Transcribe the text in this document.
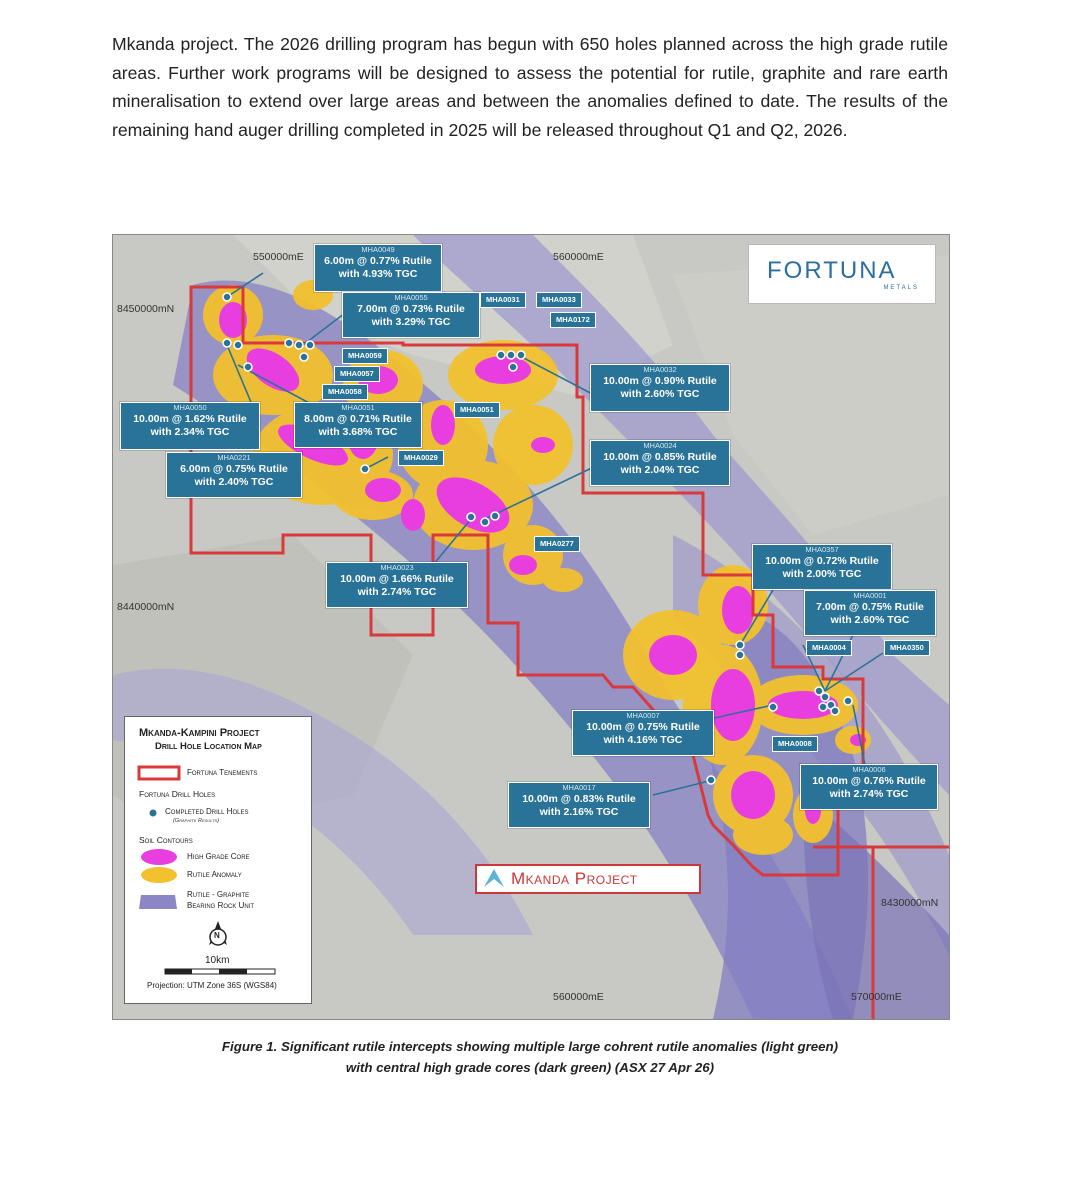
Mkanda project. The 2026 drilling program has begun with 650 holes planned across the high grade rutile areas. Further work programs will be designed to assess the potential for rutile, graphite and rare earth mineralisation to extend over large areas and between the anomalies defined to date. The results of the remaining hand auger drilling completed in 2025 will be released throughout Q1 and Q2, 2026.
550000mE	560000mE
560000mE	570000mE
8450000mN
8440000mN
8430000mN
FORTUNA
METALS
MHA0049
6.00m @ 0.77% Rutile
with 4.93% TGC
MHA0055
7.00m @ 0.73% Rutile
with 3.29% TGC
MHA0050
10.00m @ 1.62% Rutile
with 2.34% TGC
MHA0051
8.00m @ 0.71% Rutile
with 3.68% TGC
MHA0221
6.00m @ 0.75% Rutile
with 2.40% TGC
MHA0032
10.00m @ 0.90% Rutile
with 2.60% TGC
MHA0024
10.00m @ 0.85% Rutile
with 2.04% TGC
MHA0023
10.00m @ 1.66% Rutile
with 2.74% TGC
MHA0357
10.00m @ 0.72% Rutile
with 2.00% TGC
MHA0001
7.00m @ 0.75% Rutile
with 2.60% TGC
MHA0007
10.00m @ 0.75% Rutile
with 4.16% TGC
MHA0017
10.00m @ 0.83% Rutile
with 2.16% TGC
MHA0006
10.00m @ 0.76% Rutile
with 2.74% TGC
MHA0031	MHA0033
MHA0172
MHA0059
MHA0057
MHA0058
MHA0051
MHA0029
MHA0277
MHA0004	MHA0350
MHA0008
Mkanda-Kampini Project
Drill Hole Location Map
Fortuna Tenements
Fortuna Drill Holes
Completed Drill Holes
(Graphite Results)
Soil Contours
High Grade Core
Rutile Anomaly
Rutile - Graphite
Bearing Rock Unit
N
10km
Projection: UTM Zone 36S (WGS84)
Mkanda Project
Figure 1. Significant rutile intercepts showing multiple large cohrent rutile anomalies (light green)
with central high grade cores (dark green) (ASX 27 Apr 26)
